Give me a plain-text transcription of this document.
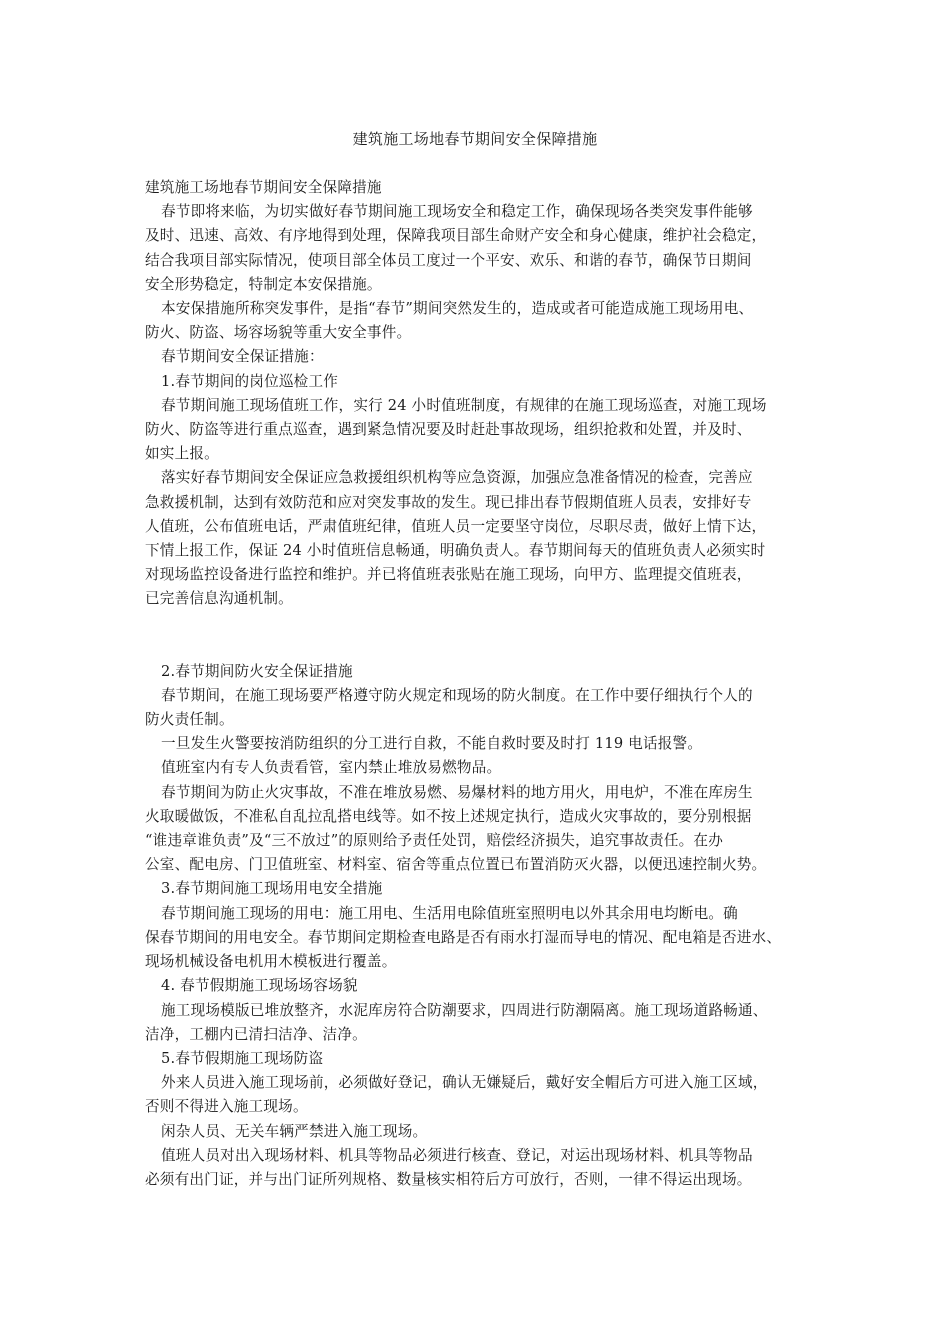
建筑施工场地春节期间安全保障措施

建筑施工场地春节期间安全保障措施

春节即将来临，为切实做好春节期间施工现场安全和稳定工作，确保现场各类突发事件能够
及时、迅速、高效、有序地得到处理，保障我项目部生命财产安全和身心健康，维护社会稳定，
结合我项目部实际情况，使项目部全体员工度过一个平安、欢乐、和谐的春节，确保节日期间
安全形势稳定，特制定本安保措施。

本安保措施所称突发事件，是指“春节”期间突然发生的，造成或者可能造成施工现场用电、
防火、防盗、场容场貌等重大安全事件。

春节期间安全保证措施：

1.春节期间的岗位巡检工作

春节期间施工现场值班工作，实行 24 小时值班制度，有规律的在施工现场巡查，对施工现场
防火、防盗等进行重点巡查，遇到紧急情况要及时赶赴事故现场，组织抢救和处置，并及时、
如实上报。

落实好春节期间安全保证应急救援组织机构等应急资源，加强应急准备情况的检查，完善应
急救援机制，达到有效防范和应对突发事故的发生。现已排出春节假期值班人员表，安排好专
人值班，公布值班电话，严肃值班纪律，值班人员一定要坚守岗位，尽职尽责，做好上情下达，
下情上报工作，保证 24 小时值班信息畅通，明确负责人。春节期间每天的值班负责人必须实时
对现场监控设备进行监控和维护。并已将值班表张贴在施工现场，向甲方、监理提交值班表，
已完善信息沟通机制。

2.春节期间防火安全保证措施

春节期间，在施工现场要严格遵守防火规定和现场的防火制度。在工作中要仔细执行个人的
防火责任制。

一旦发生火警要按消防组织的分工进行自救，不能自救时要及时打 119 电话报警。

值班室内有专人负责看管，室内禁止堆放易燃物品。

春节期间为防止火灾事故，不准在堆放易燃、易爆材料的地方用火，用电炉，不准在库房生
火取暖做饭，不准私自乱拉乱搭电线等。如不按上述规定执行，造成火灾事故的，要分别根据
“谁违章谁负责”及“三不放过”的原则给予责任处罚，赔偿经济损失，追究事故责任。在办
公室、配电房、门卫值班室、材料室、宿舍等重点位置已布置消防灭火器，以便迅速控制火势。

3.春节期间施工现场用电安全措施

春节期间施工现场的用电：施工用电、生活用电除值班室照明电以外其余用电均断电。确
保春节期间的用电安全。春节期间定期检查电路是否有雨水打湿而导电的情况、配电箱是否进水、
现场机械设备电机用木模板进行覆盖。

4. 春节假期施工现场场容场貌

施工现场模版已堆放整齐，水泥库房符合防潮要求，四周进行防潮隔离。施工现场道路畅通、
洁净，工棚内已清扫洁净、洁净。

5.春节假期施工现场防盗

外来人员进入施工现场前，必须做好登记，确认无嫌疑后，戴好安全帽后方可进入施工区域，
否则不得进入施工现场。

闲杂人员、无关车辆严禁进入施工现场。

值班人员对出入现场材料、机具等物品必须进行核查、登记，对运出现场材料、机具等物品
必须有出门证，并与出门证所列规格、数量核实相符后方可放行，否则，一律不得运出现场。
